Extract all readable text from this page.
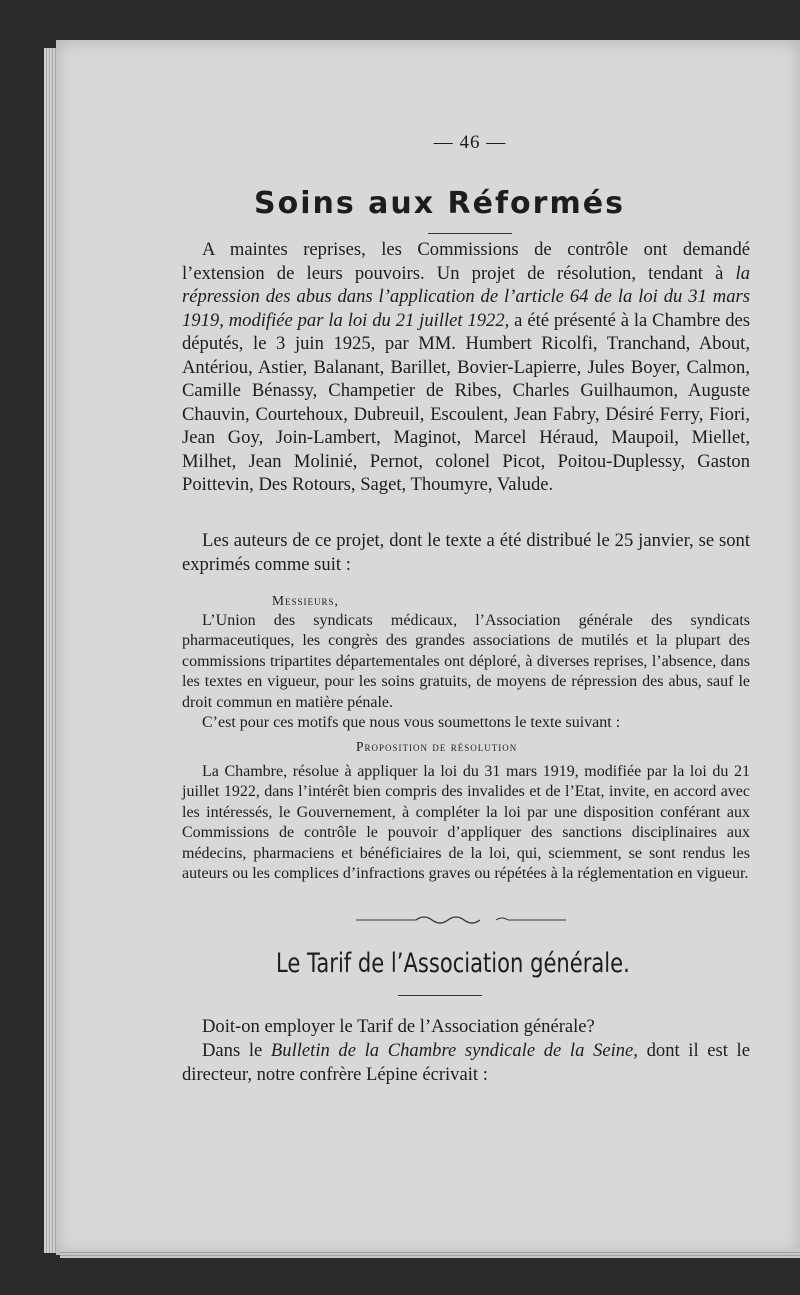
— 46 —
Soins aux Réformés

A maintes reprises, les Commissions de contrôle ont demandé l’extension de leurs pouvoirs. Un projet de résolution, tendant à la répression des abus dans l’application de l’article 64 de la loi du 31 mars 1919, modifiée par la loi du 21 juillet 1922, a été présenté à la Chambre des députés, le 3 juin 1925, par MM. Humbert Ricolfi, Tranchand, About, Antériou, Astier, Balanant, Barillet, Bovier-Lapierre, Jules Boyer, Calmon, Camille Bénassy, Champetier de Ribes, Charles Guilhaumon, Auguste Chauvin, Courtehoux, Dubreuil, Escoulent, Jean Fabry, Désiré Ferry, Fiori, Jean Goy, Join-Lambert, Maginot, Marcel Héraud, Maupoil, Miellet, Milhet, Jean Molinié, Pernot, colonel Picot, Poitou-Duplessy, Gaston Poittevin, Des Rotours, Saget, Thoumyre, Valude.

Les auteurs de ce projet, dont le texte a été distribué le 25 janvier, se sont exprimés comme suit :

Messieurs,

L’Union des syndicats médicaux, l’Association générale des syndicats pharmaceutiques, les congrès des grandes associations de mutilés et la plupart des commissions tripartites départementales ont déploré, à diverses reprises, l’absence, dans les textes en vigueur, pour les soins gratuits, de moyens de répression des abus, sauf le droit commun en matière pénale.

C’est pour ces motifs que nous vous soumettons le texte suivant :

Proposition de résolution

La Chambre, résolue à appliquer la loi du 31 mars 1919, modifiée par la loi du 21 juillet 1922, dans l’intérêt bien compris des invalides et de l’Etat, invite, en accord avec les intéressés, le Gouvernement, à compléter la loi par une disposition conférant aux Commissions de contrôle le pouvoir d’appliquer des sanctions disciplinaires aux médecins, pharmaciens et bénéficiaires de la loi, qui, sciemment, se sont rendus les auteurs ou les complices d’infractions graves ou répétées à la réglementation en vigueur.

Le Tarif de l’Association générale.

Doit-on employer le Tarif de l’Association générale?

Dans le Bulletin de la Chambre syndicale de la Seine, dont il est le directeur, notre confrère Lépine écrivait :
